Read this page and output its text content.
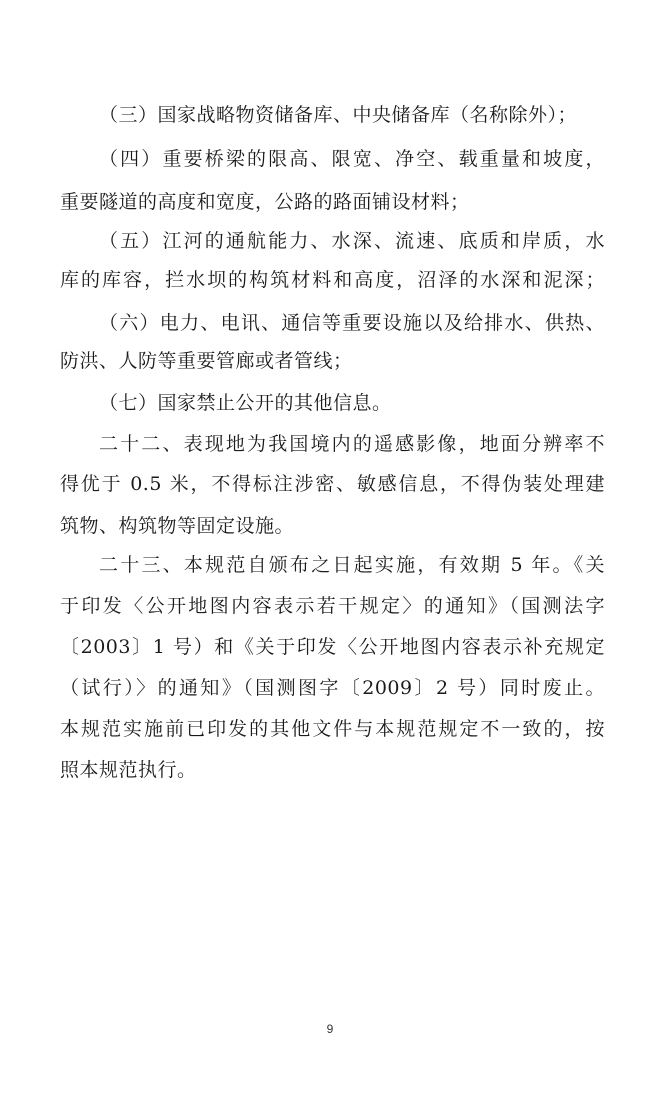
（三）国家战略物资储备库、中央储备库（名称除外）；
（四）重要桥梁的限高、限宽、净空、载重量和坡度，
重要隧道的高度和宽度，公路的路面铺设材料；
（五）江河的通航能力、水深、流速、底质和岸质，水
库的库容，拦水坝的构筑材料和高度，沼泽的水深和泥深；
（六）电力、电讯、通信等重要设施以及给排水、供热、
防洪、人防等重要管廊或者管线；
（七）国家禁止公开的其他信息。
二十二、表现地为我国境内的遥感影像，地面分辨率不
得优于 0.5 米，不得标注涉密、敏感信息，不得伪装处理建
筑物、构筑物等固定设施。
二十三、本规范自颁布之日起实施，有效期 5 年。《关
于印发〈公开地图内容表示若干规定〉的通知》（国测法字
〔2003〕1 号）和《关于印发〈公开地图内容表示补充规定
（试行）〉的通知》（国测图字〔2009〕2 号）同时废止。
本规范实施前已印发的其他文件与本规范规定不一致的，按
照本规范执行。
9
